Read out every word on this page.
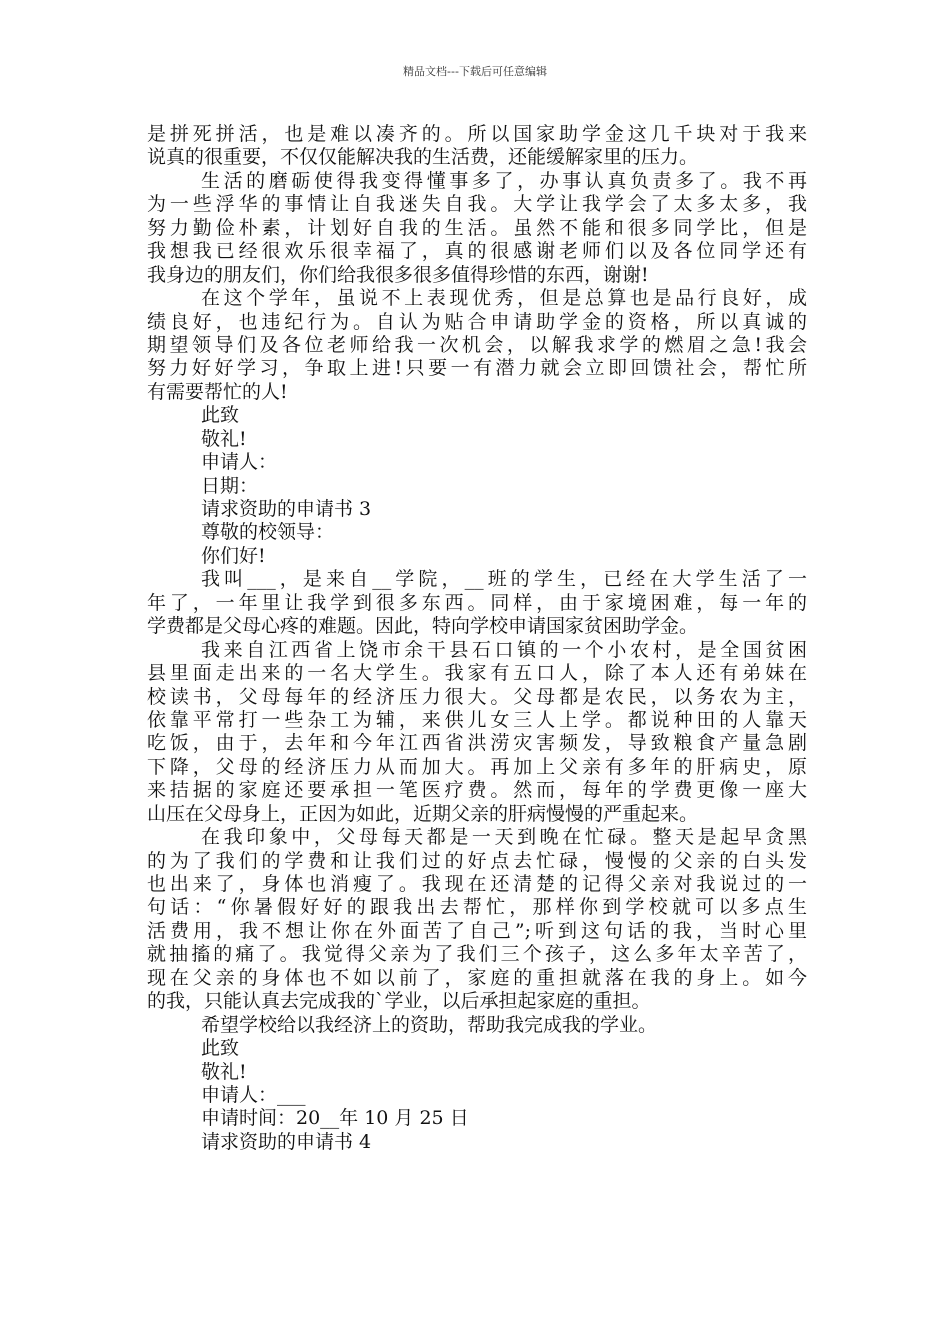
精品文档---下载后可任意编辑
是拼死拼活，也是难以凑齐的。所以国家助学金这几千块对于我来
说真的很重要，不仅仅能解决我的生活费，还能缓解家里的压力。
生活的磨砺使得我变得懂事多了，办事认真负责多了。我不再
为一些浮华的事情让自我迷失自我。大学让我学会了太多太多，我
努力勤俭朴素，计划好自我的生活。虽然不能和很多同学比，但是
我想我已经很欢乐很幸福了，真的很感谢老师们以及各位同学还有
我身边的朋友们，你们给我很多很多值得珍惜的东西，谢谢!
在这个学年，虽说不上表现优秀，但是总算也是品行良好，成
绩良好，也违纪行为。自认为贴合申请助学金的资格，所以真诚的
期望领导们及各位老师给我一次机会，以解我求学的燃眉之急!我会
努力好好学习，争取上进!只要一有潜力就会立即回馈社会，帮忙所
有需要帮忙的人!
此致
敬礼!
申请人：
日期：
请求资助的申请书 3
尊敬的校领导：
你们好!
我叫___，是来自__学院，__班的学生，已经在大学生活了一
年了，一年里让我学到很多东西。同样，由于家境困难，每一年的
学费都是父母心疼的难题。因此，特向学校申请国家贫困助学金。
我来自江西省上饶市余干县石口镇的一个小农村，是全国贫困
县里面走出来的一名大学生。我家有五口人，除了本人还有弟妹在
校读书，父母每年的经济压力很大。父母都是农民，以务农为主，
依靠平常打一些杂工为辅，来供儿女三人上学。都说种田的人靠天
吃饭，由于，去年和今年江西省洪涝灾害频发，导致粮食产量急剧
下降，父母的经济压力从而加大。再加上父亲有多年的肝病史，原
来拮据的家庭还要承担一笔医疗费。然而，每年的学费更像一座大
山压在父母身上，正因为如此，近期父亲的肝病慢慢的严重起来。
在我印象中，父母每天都是一天到晚在忙碌。整天是起早贪黑
的为了我们的学费和让我们过的好点去忙碌，慢慢的父亲的白头发
也出来了，身体也消瘦了。我现在还清楚的记得父亲对我说过的一
句话：“你暑假好好的跟我出去帮忙，那样你到学校就可以多点生
活费用，我不想让你在外面苦了自己”;听到这句话的我，当时心里
就抽搐的痛了。我觉得父亲为了我们三个孩子，这么多年太辛苦了，
现在父亲的身体也不如以前了，家庭的重担就落在我的身上。如今
的我，只能认真去完成我的`学业，以后承担起家庭的重担。
希望学校给以我经济上的资助，帮助我完成我的学业。
此致
敬礼!
申请人：___
申请时间：20__年 10 月 25 日
请求资助的申请书 4
